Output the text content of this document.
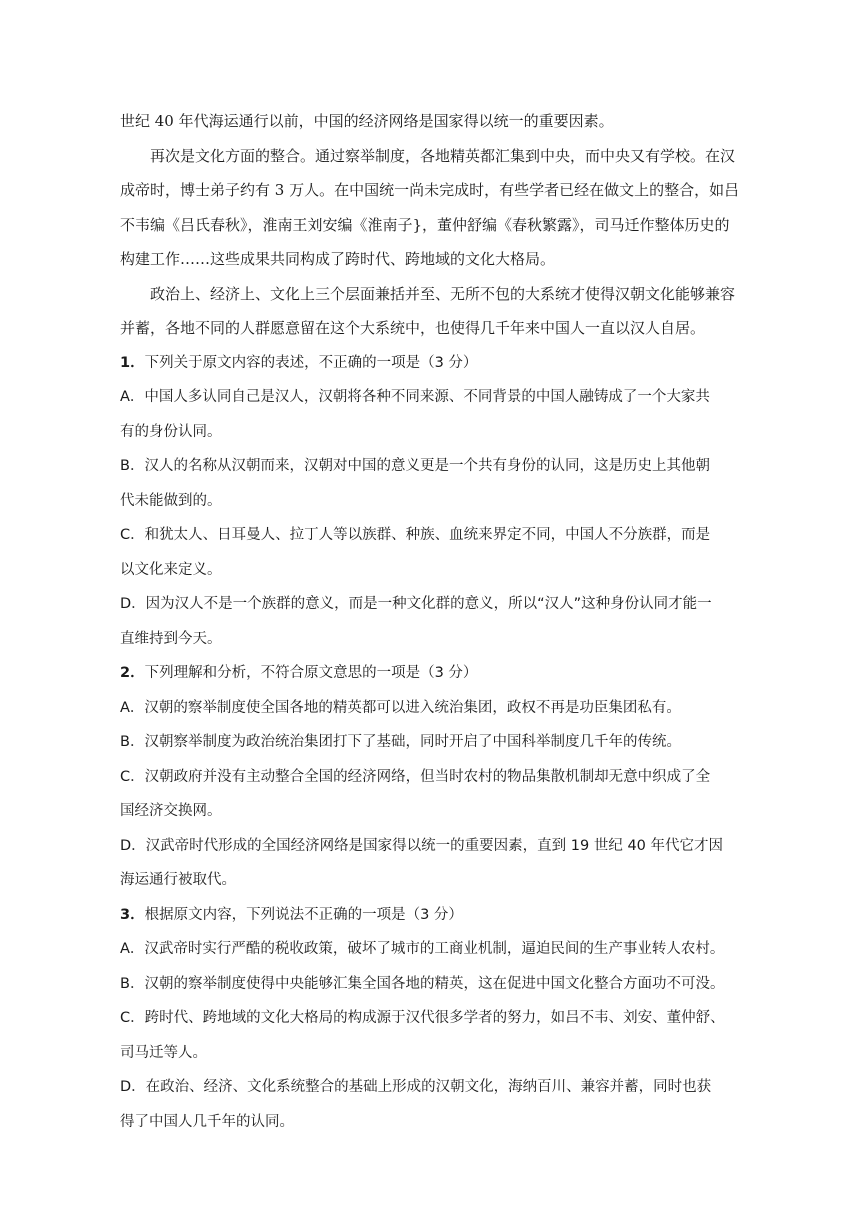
世纪 40 年代海运通行以前，中国的经济网络是国家得以统一的重要因素。
再次是文化方面的整合。通过察举制度，各地精英都汇集到中央，而中央又有学校。在汉
成帝时，博士弟子约有 3 万人。在中国统一尚未完成时，有些学者已经在做文上的整合，如吕
不韦编《吕氏春秋》，淮南王刘安编《淮南子}，董仲舒编《春秋繁露》，司马迁作整体历史的
构建工作……这些成果共同构成了跨时代、跨地域的文化大格局。
政治上、经济上、文化上三个层面兼括并至、无所不包的大系统才使得汉朝文化能够兼容
并蓄，各地不同的人群愿意留在这个大系统中，也使得几千年来中国人一直以汉人自居。
1．下列关于原文内容的表述，不正确的一项是（3 分）
A．中国人多认同自己是汉人，汉朝将各种不同来源、不同背景的中国人融铸成了一个大家共
有的身份认同。
B．汉人的名称从汉朝而来，汉朝对中国的意义更是一个共有身份的认同，这是历史上其他朝
代未能做到的。
C．和犹太人、日耳曼人、拉丁人等以族群、种族、血统来界定不同，中国人不分族群，而是
以文化来定义。
D．因为汉人不是一个族群的意义，而是一种文化群的意义，所以“汉人”这种身份认同才能一
直维持到今天。
2．下列理解和分析，不符合原文意思的一项是（3 分）
A．汉朝的察举制度使全国各地的精英都可以进入统治集团，政权不再是功臣集团私有。
B．汉朝察举制度为政治统治集团打下了基础，同时开启了中国科举制度几千年的传统。
C．汉朝政府并没有主动整合全国的经济网络，但当时农村的物品集散机制却无意中织成了全
国经济交换网。
D．汉武帝时代形成的全国经济网络是国家得以统一的重要因素，直到 19 世纪 40 年代它才因
海运通行被取代。
3．根据原文内容，下列说法不正确的一项是（3 分）
A．汉武帝时实行严酷的税收政策，破坏了城市的工商业机制，逼迫民间的生产事业转人农村。
B．汉朝的察举制度使得中央能够汇集全国各地的精英，这在促进中国文化整合方面功不可没。
C．跨时代、跨地域的文化大格局的构成源于汉代很多学者的努力，如吕不韦、刘安、董仲舒、
司马迁等人。
D．在政治、经济、文化系统整合的基础上形成的汉朝文化，海纳百川、兼容并蓄，同时也获
得了中国人几千年的认同。
